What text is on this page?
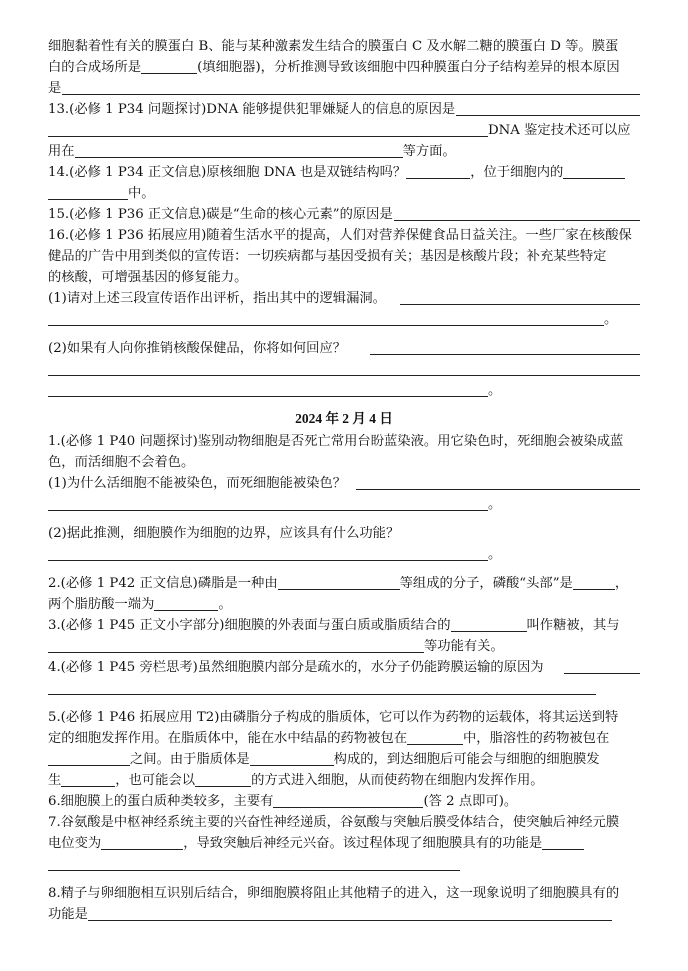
细胞黏着性有关的膜蛋白 B、能与某种激素发生结合的膜蛋白 C 及水解二糖的膜蛋白 D 等。膜蛋
白的合成场所是	(填细胞器)，分析推测导致该细胞中四种膜蛋白分子结构差异的根本原因
是
13.(必修 1 P34 问题探讨)DNA 能够提供犯罪嫌疑人的信息的原因是
DNA 鉴定技术还可以应
用在	等方面。
14.(必修 1 P34 正文信息)原核细胞 DNA 也是双链结构吗？	，位于细胞内的
中。
15.(必修 1 P36 正文信息)碳是“生命的核心元素”的原因是
16.(必修 1 P36 拓展应用)随着生活水平的提高，人们对营养保健食品日益关注。一些厂家在核酸保
健品的广告中用到类似的宣传语：一切疾病都与基因受损有关；基因是核酸片段；补充某些特定
的核酸，可增强基因的修复能力。
(1)请对上述三段宣传语作出评析，指出其中的逻辑漏洞。
。
(2)如果有人向你推销核酸保健品，你将如何回应？
。
2024 年 2 月 4 日
1.(必修 1 P40 问题探讨)鉴别动物细胞是否死亡常用台盼蓝染液。用它染色时，死细胞会被染成蓝
色，而活细胞不会着色。
(1)为什么活细胞不能被染色，而死细胞能被染色？
。
(2)据此推测，细胞膜作为细胞的边界，应该具有什么功能？
。
2.(必修 1 P42 正文信息)磷脂是一种由	等组成的分子，磷酸“头部”是	，
两个脂肪酸一端为	。
3.(必修 1 P45 正文小字部分)细胞膜的外表面与蛋白质或脂质结合的	叫作糖被，其与
等功能有关。
4.(必修 1 P45 旁栏思考)虽然细胞膜内部分是疏水的，水分子仍能跨膜运输的原因为
5.(必修 1 P46 拓展应用 T2)由磷脂分子构成的脂质体，它可以作为药物的运载体，将其运送到特
定的细胞发挥作用。在脂质体中，能在水中结晶的药物被包在	中，脂溶性的药物被包在
之间。由于脂质体是	构成的，到达细胞后可能会与细胞的细胞膜发
生	，也可能会以	的方式进入细胞，从而使药物在细胞内发挥作用。
6.细胞膜上的蛋白质种类较多，主要有	(答 2 点即可)。
7.谷氨酸是中枢神经系统主要的兴奋性神经递质，谷氨酸与突触后膜受体结合，使突触后神经元膜
电位变为	，导致突触后神经元兴奋。该过程体现了细胞膜具有的功能是
8.精子与卵细胞相互识别后结合，卵细胞膜将阻止其他精子的进入，这一现象说明了细胞膜具有的
功能是
